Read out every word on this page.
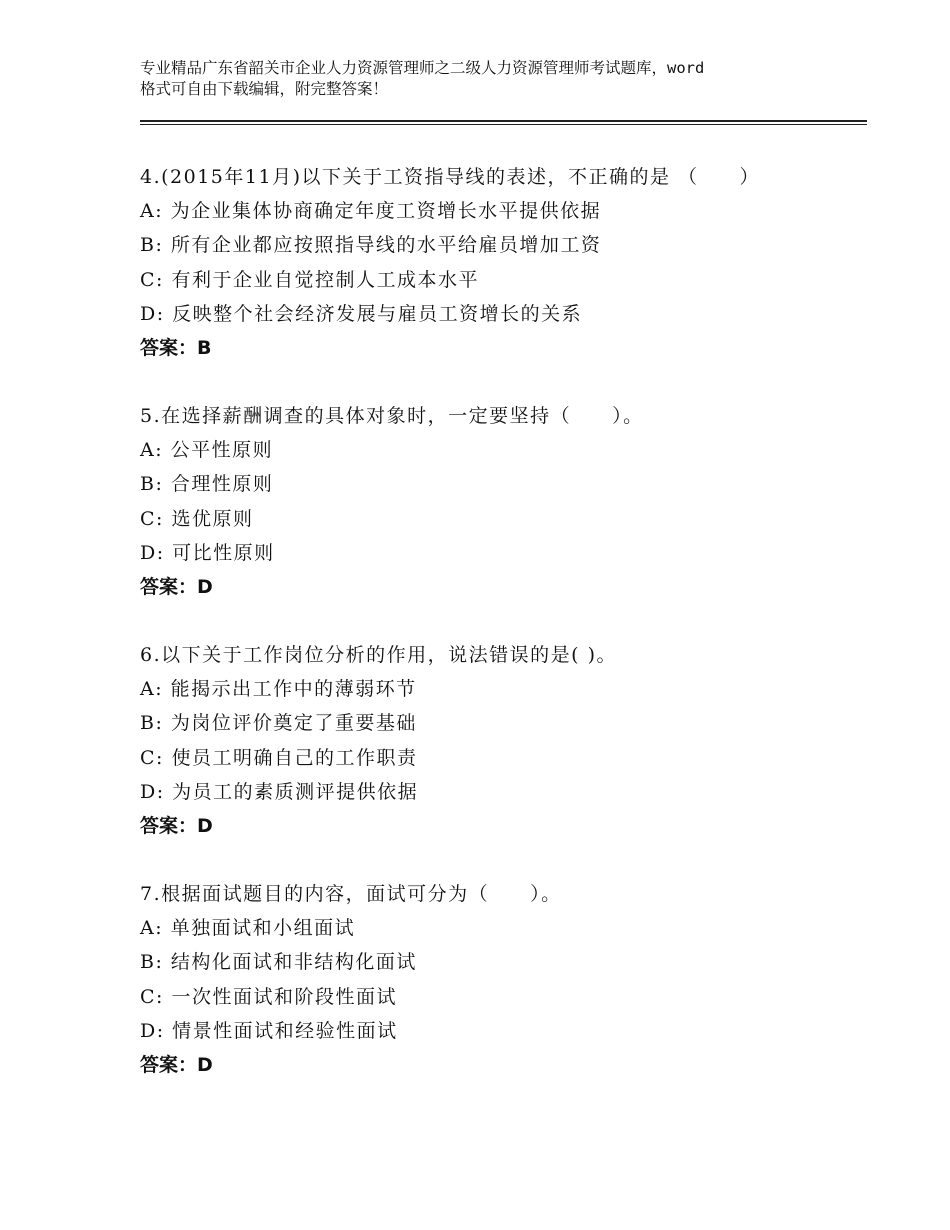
专业精品广东省韶关市企业人力资源管理师之二级人力资源管理师考试题库，word
格式可自由下载编辑，附完整答案！
4.(2015年11月)以下关于工资指导线的表述，不正确的是 （　　）
A: 为企业集体协商确定年度工资增长水平提供依据
B: 所有企业都应按照指导线的水平给雇员增加工资
C: 有利于企业自觉控制人工成本水平
D: 反映整个社会经济发展与雇员工资增长的关系
答案：B
5.在选择薪酬调查的具体对象时，一定要坚持（　　）。
A: 公平性原则
B: 合理性原则
C: 选优原则
D: 可比性原则
答案：D
6.以下关于工作岗位分析的作用，说法错误的是( )。
A: 能揭示出工作中的薄弱环节
B: 为岗位评价奠定了重要基础
C: 使员工明确自己的工作职责
D: 为员工的素质测评提供依据
答案：D
7.根据面试题目的内容，面试可分为（　　）。
A: 单独面试和小组面试
B: 结构化面试和非结构化面试
C: 一次性面试和阶段性面试
D: 情景性面试和经验性面试
答案：D
